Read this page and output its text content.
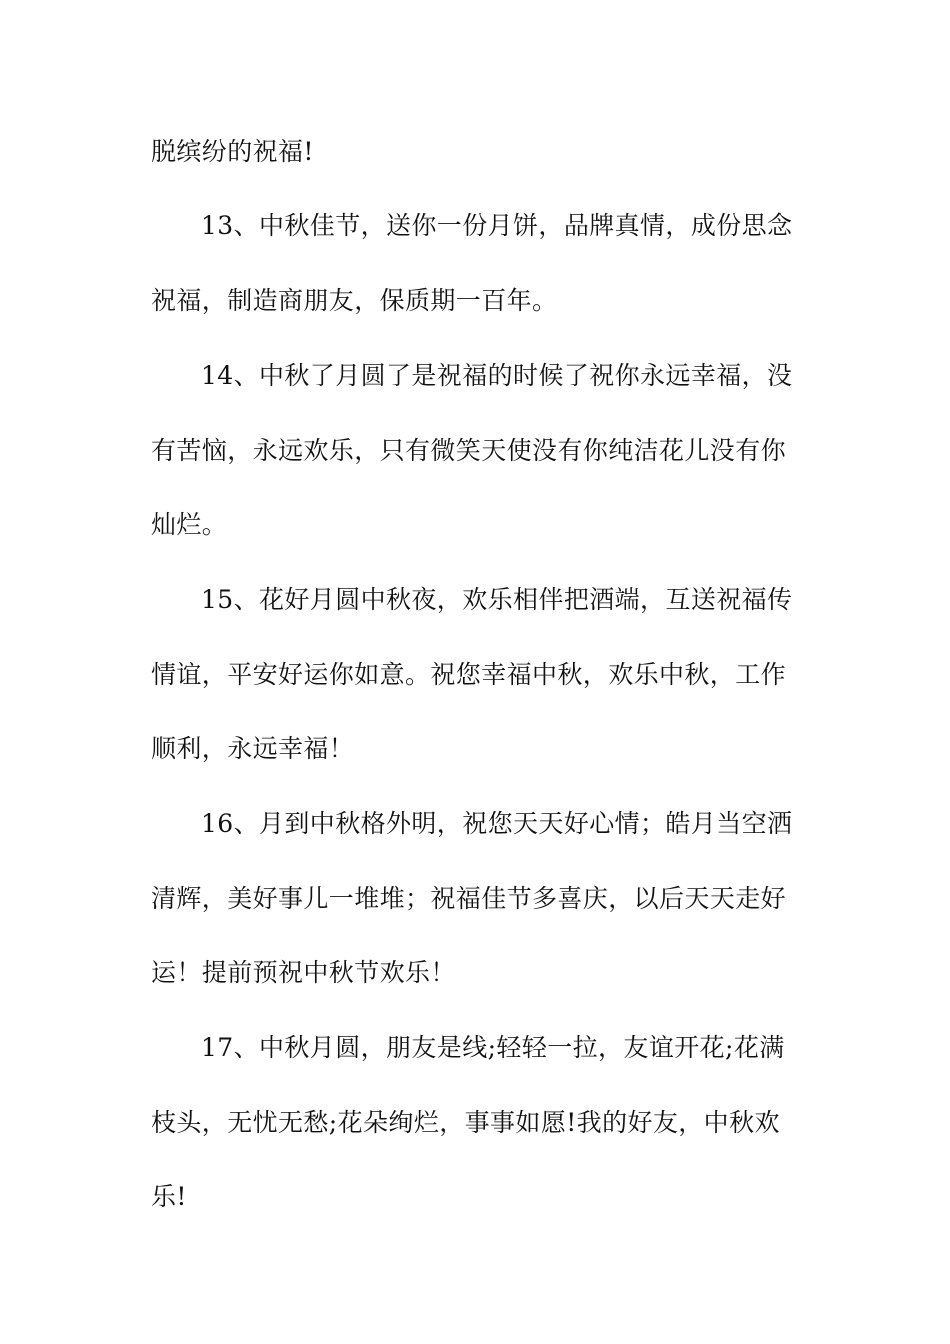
脱缤纷的祝福!
13、中秋佳节，送你一份月饼，品牌真情，成份思念
祝福，制造商朋友，保质期一百年。
14、中秋了月圆了是祝福的时候了祝你永远幸福，没
有苦恼，永远欢乐，只有微笑天使没有你纯洁花儿没有你
灿烂。
15、花好月圆中秋夜，欢乐相伴把酒端，互送祝福传
情谊，平安好运你如意。祝您幸福中秋，欢乐中秋，工作
顺利，永远幸福！
16、月到中秋格外明，祝您天天好心情；皓月当空洒
清辉，美好事儿一堆堆；祝福佳节多喜庆，以后天天走好
运！提前预祝中秋节欢乐！
17、中秋月圆，朋友是线;轻轻一拉，友谊开花;花满
枝头，无忧无愁;花朵绚烂，事事如愿!我的好友，中秋欢
乐!
